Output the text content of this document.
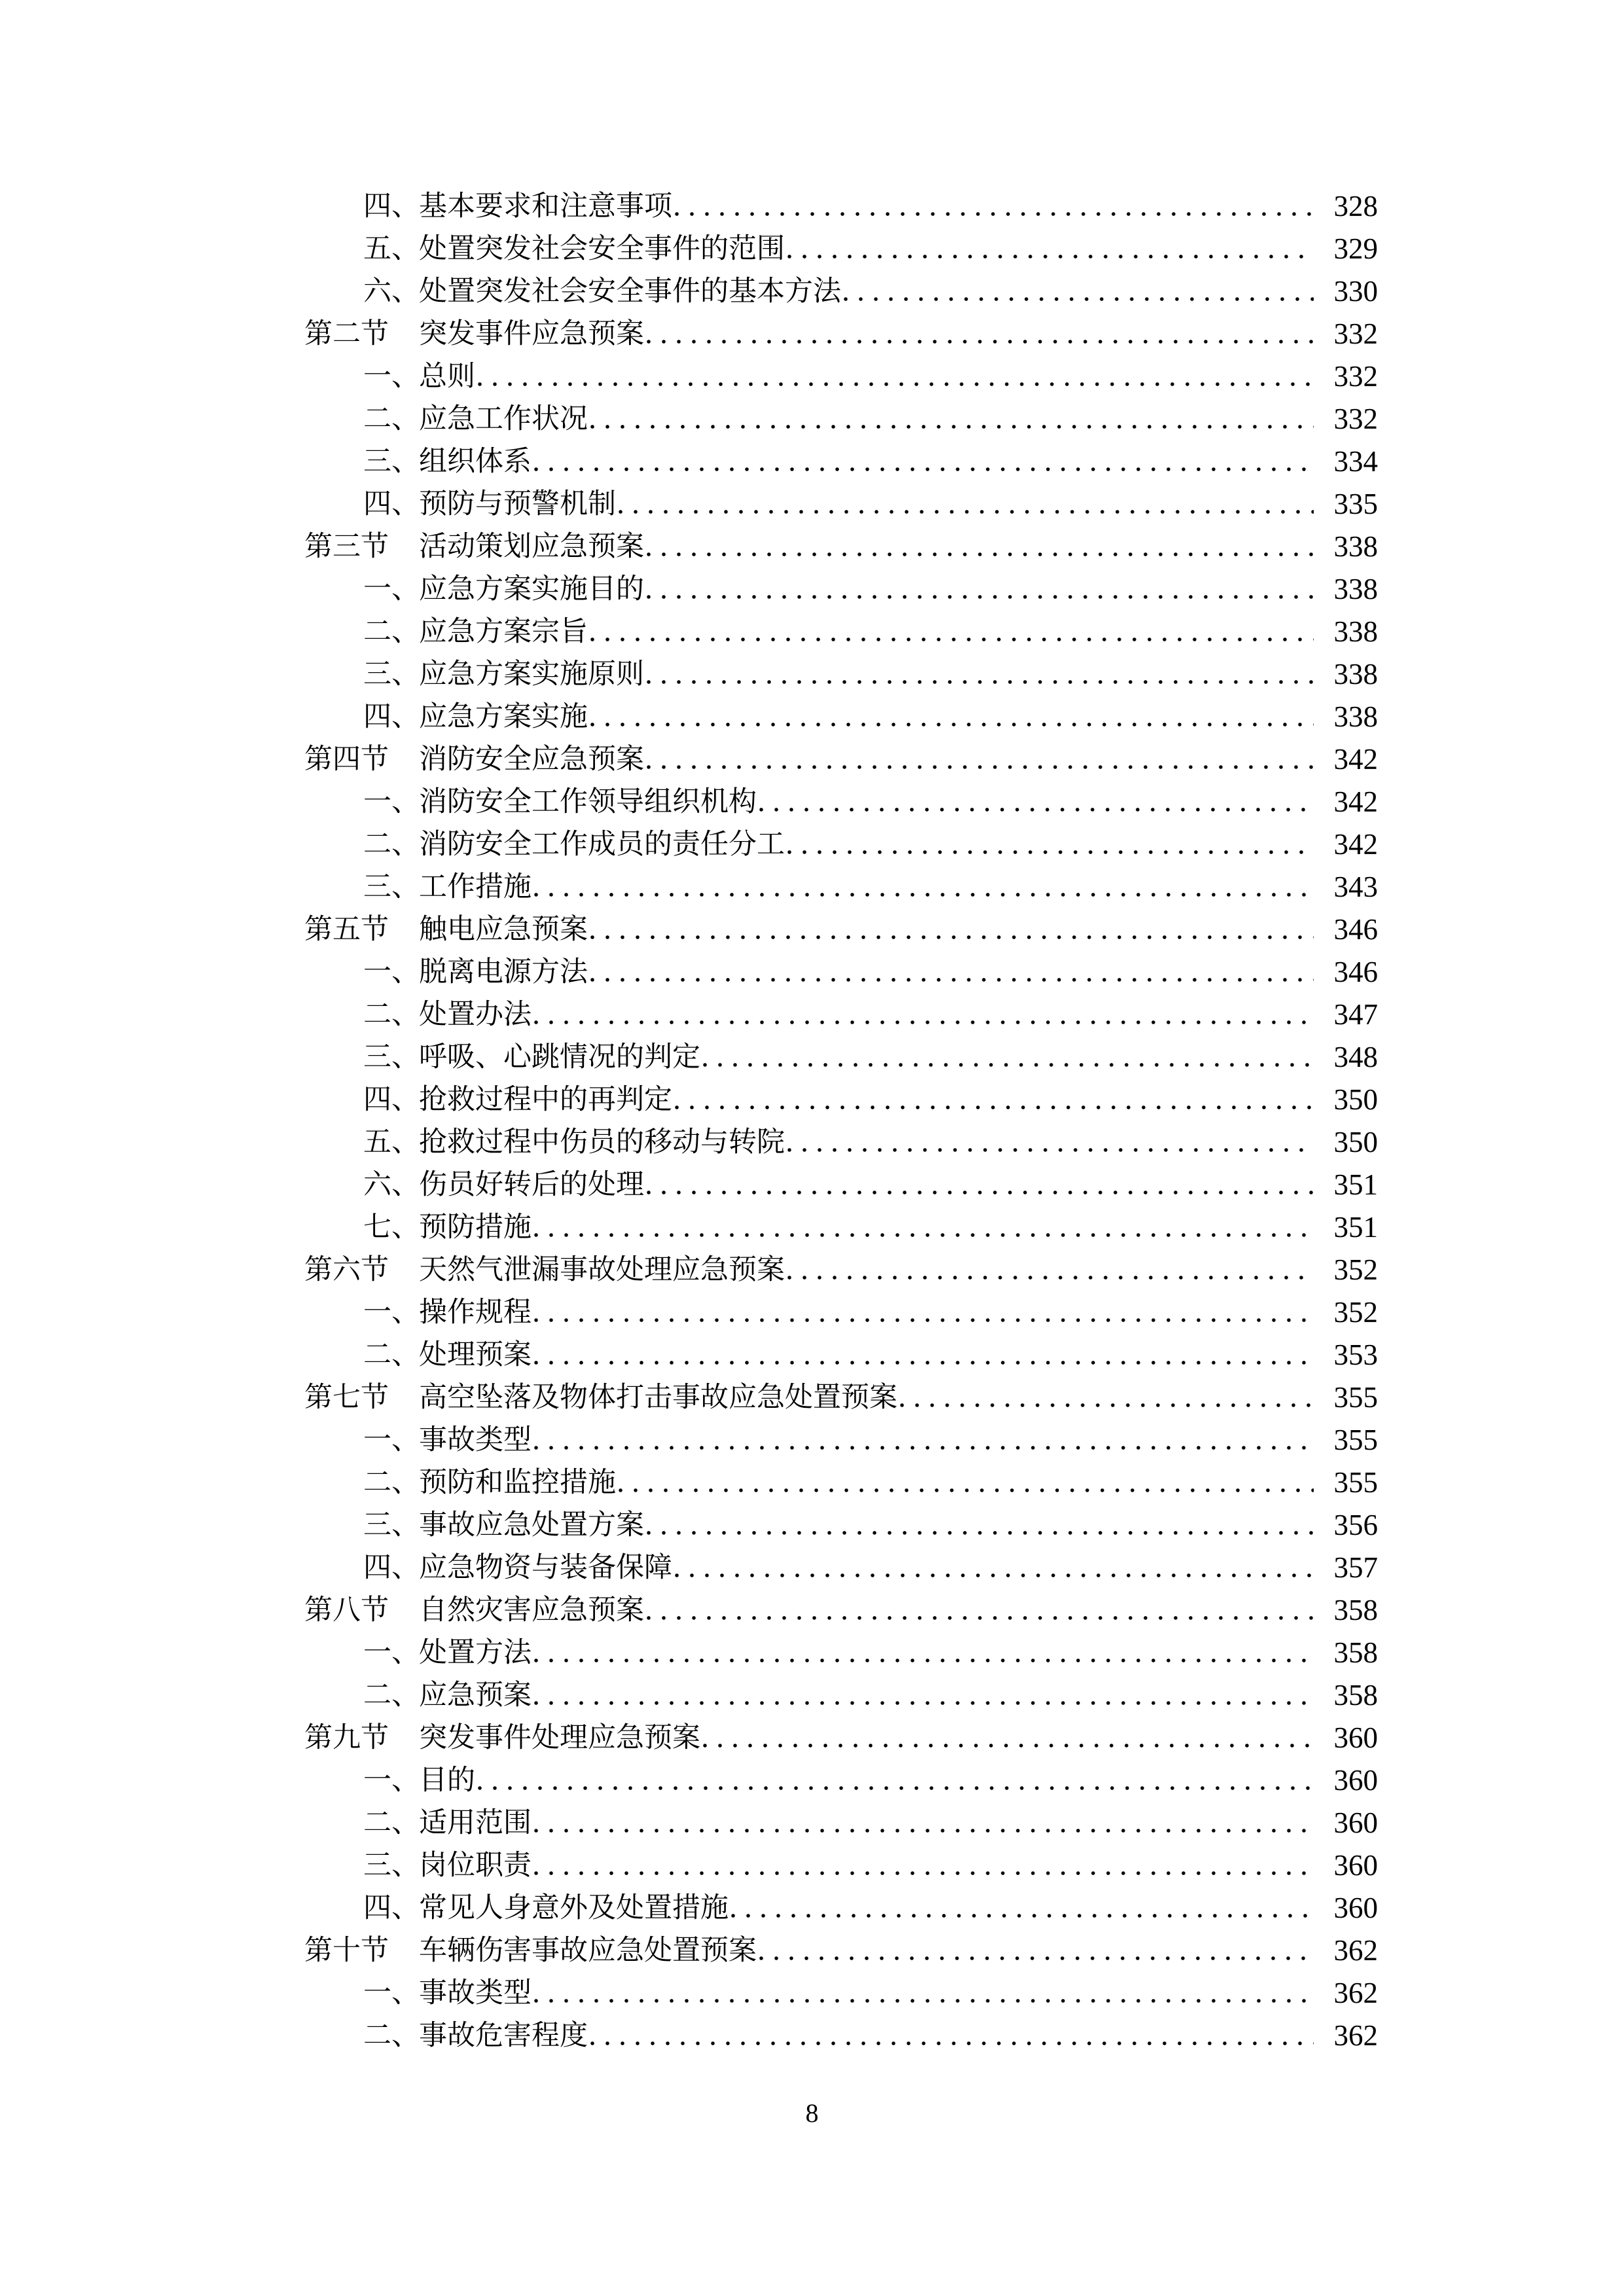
四、 基本要求和注意事项	328
五、 处置突发社会安全事件的范围	329
六、 处置突发社会安全事件的基本方法	330
第二节	突发事件应急预案	332
一、 总则	332
二、 应急工作状况	332
三、 组织体系	334
四、 预防与预警机制	335
第三节	活动策划应急预案	338
一、 应急方案实施目的	338
二、 应急方案宗旨	338
三、 应急方案实施原则	338
四、 应急方案实施	338
第四节	消防安全应急预案	342
一、 消防安全工作领导组织机构	342
二、 消防安全工作成员的责任分工	342
三、 工作措施	343
第五节	触电应急预案	346
一、 脱离电源方法	346
二、 处置办法	347
三、 呼吸、心跳情况的判定	348
四、 抢救过程中的再判定	350
五、 抢救过程中伤员的移动与转院	350
六、 伤员好转后的处理	351
七、 预防措施	351
第六节	天然气泄漏事故处理应急预案	352
一、 操作规程	352
二、 处理预案	353
第七节	高空坠落及物体打击事故应急处置预案	355
一、 事故类型	355
二、 预防和监控措施	355
三、 事故应急处置方案	356
四、 应急物资与装备保障	357
第八节	自然灾害应急预案	358
一、 处置方法	358
二、 应急预案	358
第九节	突发事件处理应急预案	360
一、 目的	360
二、 适用范围	360
三、 岗位职责	360
四、 常见人身意外及处置措施	360
第十节	车辆伤害事故应急处置预案	362
一、 事故类型	362
二、 事故危害程度	362
8
